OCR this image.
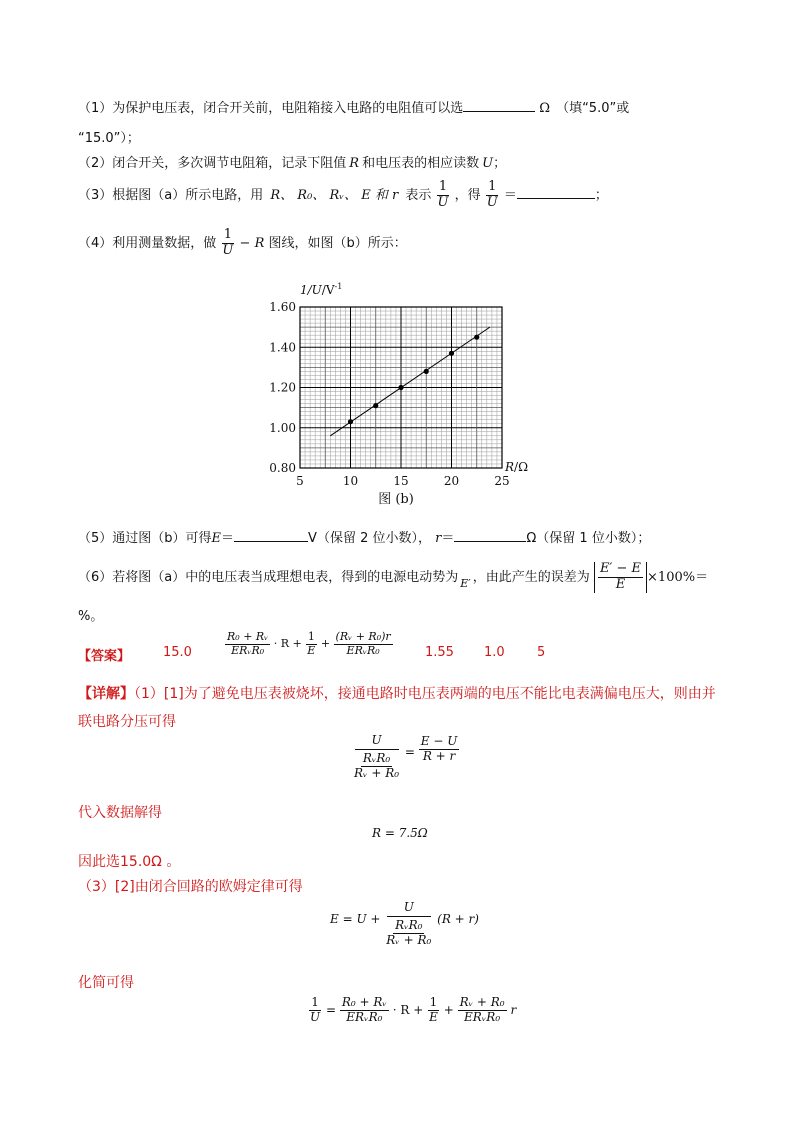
（1）为保护电压表，闭合开关前，电阻箱接入电路的电阻值可以选	Ω （填“5.0”或
“15.0”）；
（2）闭合开关，多次调节电阻箱，记录下阻值 R 和电压表的相应读数 U；
（3）根据图（a）所示电路，用 R、 R₀、 Rᵥ、 E 和 r 表示 $\frac{1}{U}$ ，得 $\frac{1}{U}$ ＝	；
（4）利用测量数据，做 $\frac{1}{U} - R$ 图线，如图（b）所示：
0.80
1.00
1.20
1.40
1.60
5	10	15	20	25
$1/U/V^{-1}$
R/Ω
图 (b)
（5）通过图（b）可得E＝	V（保留 2 位小数）， r＝	Ω（保留 1 位小数）；
（6）若将图（a）中的电压表当成理想电表，得到的电源电动势为 $_{E'}$ ，由此产生的误差为 $\frac{E' - E}{E} \times 100\%=$
%。
【答案】	15.0	$\frac{\text{R₀ + Rᵥ}}{\text{ERᵥR₀}} \cdot R + \frac{1}{E} + \frac{\text{(Rᵥ + R₀)r}}{\text{ERᵥR₀}} 1.55$ 1.0 5
【详解】（1）[1]为了避免电压表被烧坏，接通电路时电压表两端的电压不能比电表满偏电压大，则由并
联电路分压可得
U
$\frac{\text{RᵥR₀}}{\text{Rᵥ + R₀}} = \frac{E - U}{R + r}$
代入数据解得
R = 7.5Ω
因此选15.0Ω 。
（3）[2]由闭合回路的欧姆定律可得
E = U +
U
$\frac{\text{RᵥR₀}}{\text{Rᵥ + R₀}} (R + r)$
化简可得
$\frac{1}{U} = \frac{\text{R₀ + Rᵥ}}{\text{ERᵥR₀}} \cdot R + \frac{1}{E} + \frac{\text{Rᵥ + R₀}}{\text{ERᵥR₀}}$ r
